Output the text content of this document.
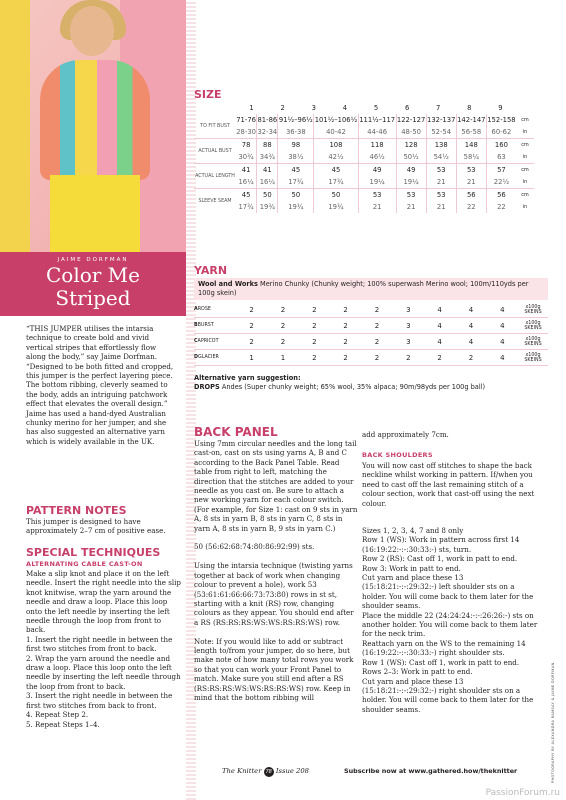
JAIME DORFMAN
Color Me
Striped
“THIS JUMPER utilises the intarsia technique to create bold and vivid vertical stripes that effortlessly flow along the body,” say Jaime Dorfman. “Designed to be both fitted and cropped, this jumper is the perfect layering piece. The bottom ribbing, cleverly seamed to the body, adds an intriguing patchwork effect that elevates the overall design.” Jaime has used a hand-dyed Australian chunky merino for her jumper, and she has also suggested an alternative yarn which is widely available in the UK.
PATTERN NOTES
This jumper is designed to have approximately 2–7 cm of positive ease.
SPECIAL TECHNIQUES
ALTERNATING CABLE CAST-ON
Make a slip knot and place it on the left needle. Insert the right needle into the slip knot knitwise, wrap the yarn around the needle and draw a loop. Place this loop onto the left needle by inserting the left needle through the loop from front to back.
1. Insert the right needle in between the first two stitches from front to back.
2. Wrap the yarn around the needle and draw a loop. Place this loop onto the left needle by inserting the left needle through the loop from front to back.
3. Insert the right needle in between the first two stitches from back to front.
4. Repeat Step 2.
5. Repeat Steps 1–4.
SIZE
	1	2	3	4	5	6	7	8	9	
TO FIT BUST	71-76	81-86	91½–96½	101½–106½	111½–117	122-127	132-137	142-147	152-158	cm
	28-30	32-34	36-38	40-42	44-46	48-50	52-54	56-58	60-62	in
ACTUAL BUST	78	88	98	108	118	128	138	148	160	cm
	30¾	34¾	38½	42½	46½	50½	54½	58¼	63	in
ACTUAL LENGTH	41	41	45	45	49	49	53	53	57	cm
	16¼	16¼	17¾	17¾	19¼	19¼	21	21	22½	in
SLEEVE SEAM	45	50	50	50	53	53	53	56	56	cm
	17¾	19¾	19¾	19¾	21	21	21	22	22	in
YARN
Wool and Works Merino Chunky (Chunky weight; 100% superwash Merino wool; 100m/110yds per 100g skein)
AROSE	2	2	2	2	2	3	4	4	4	x100g SKEINS
BBURST	2	2	2	2	2	3	4	4	4	x100g SKEINS
CAPRICOT	2	2	2	2	2	3	4	4	4	x100g SKEINS
DGLACIER	1	1	2	2	2	2	2	2	4	x100g SKEINS
Alternative yarn suggestion:
DROPS Andes (Super chunky weight; 65% wool, 35% alpaca; 90m/98yds per 100g ball)
BACK PANEL
Using 7mm circular needles and the long tail cast-on, cast on sts using yarns A, B and C according to the Back Panel Table. Read table from right to left, matching the direction that the stitches are added to your needle as you cast on. Be sure to attach a new working yarn for each colour switch. (For example, for Size 1: cast on 9 sts in yarn A, 8 sts in yarn B, 8 sts in yarn C, 8 sts in yarn A, 8 sts in yarn B, 9 sts in yarn C.)

50 (56:62:68:74:80:86:92:99) sts.

Using the intarsia technique (twisting yarns together at back of work when changing colour to prevent a hole), work 53 (53:61:61:66:66:73:73:80) rows in st st, starting with a knit (RS) row, changing colours as they appear. You should end after a RS (RS:RS:RS:WS:WS:RS:RS:WS) row.

Note: If you would like to add or subtract length to/from your jumper, do so here, but make note of how many total rows you work so that you can work your Front Panel to match. Make sure you still end after a RS (RS:RS:RS:WS:WS:RS:RS:WS) row. Keep in mind that the bottom ribbing will
add approximately 7cm.
BACK SHOULDERS
You will now cast off stitches to shape the back neckline whilst working in pattern. If/when you need to cast off the last remaining stitch of a colour section, work that cast-off using the next colour.
Sizes 1, 2, 3, 4, 7 and 8 only
Row 1 (WS): Work in pattern across first 14 (16:19:22:-:-:30:33:-) sts, turn.
Row 2 (RS): Cast off 1, work in patt to end.
Row 3: Work in patt to end.
Cut yarn and place these 13 (15:18:21:-:-:29:32:-) left shoulder sts on a holder. You will come back to them later for the shoulder seams.
Place the middle 22 (24:24:24:-:-:26:26:-) sts on another holder. You will come back to them later for the neck trim.
Reattach yarn on the WS to the remaining 14 (16:19:22:-:-:30:33:-) right shoulder sts.
Row 1 (WS): Cast off 1, work in patt to end.
Rows 2–3: Work in patt to end.
Cut yarn and place these 13 (15:18:21:-:-:29:32:-) right shoulder sts on a holder. You will come back to them later for the shoulder seams.	PHOTOGRAPHY BY ALEXANDRA RAMSAY & JAIME DORFMAN
The Knitter 78 Issue 208	Subscribe now at www.gathered.how/theknitter
PassionForum.ru
